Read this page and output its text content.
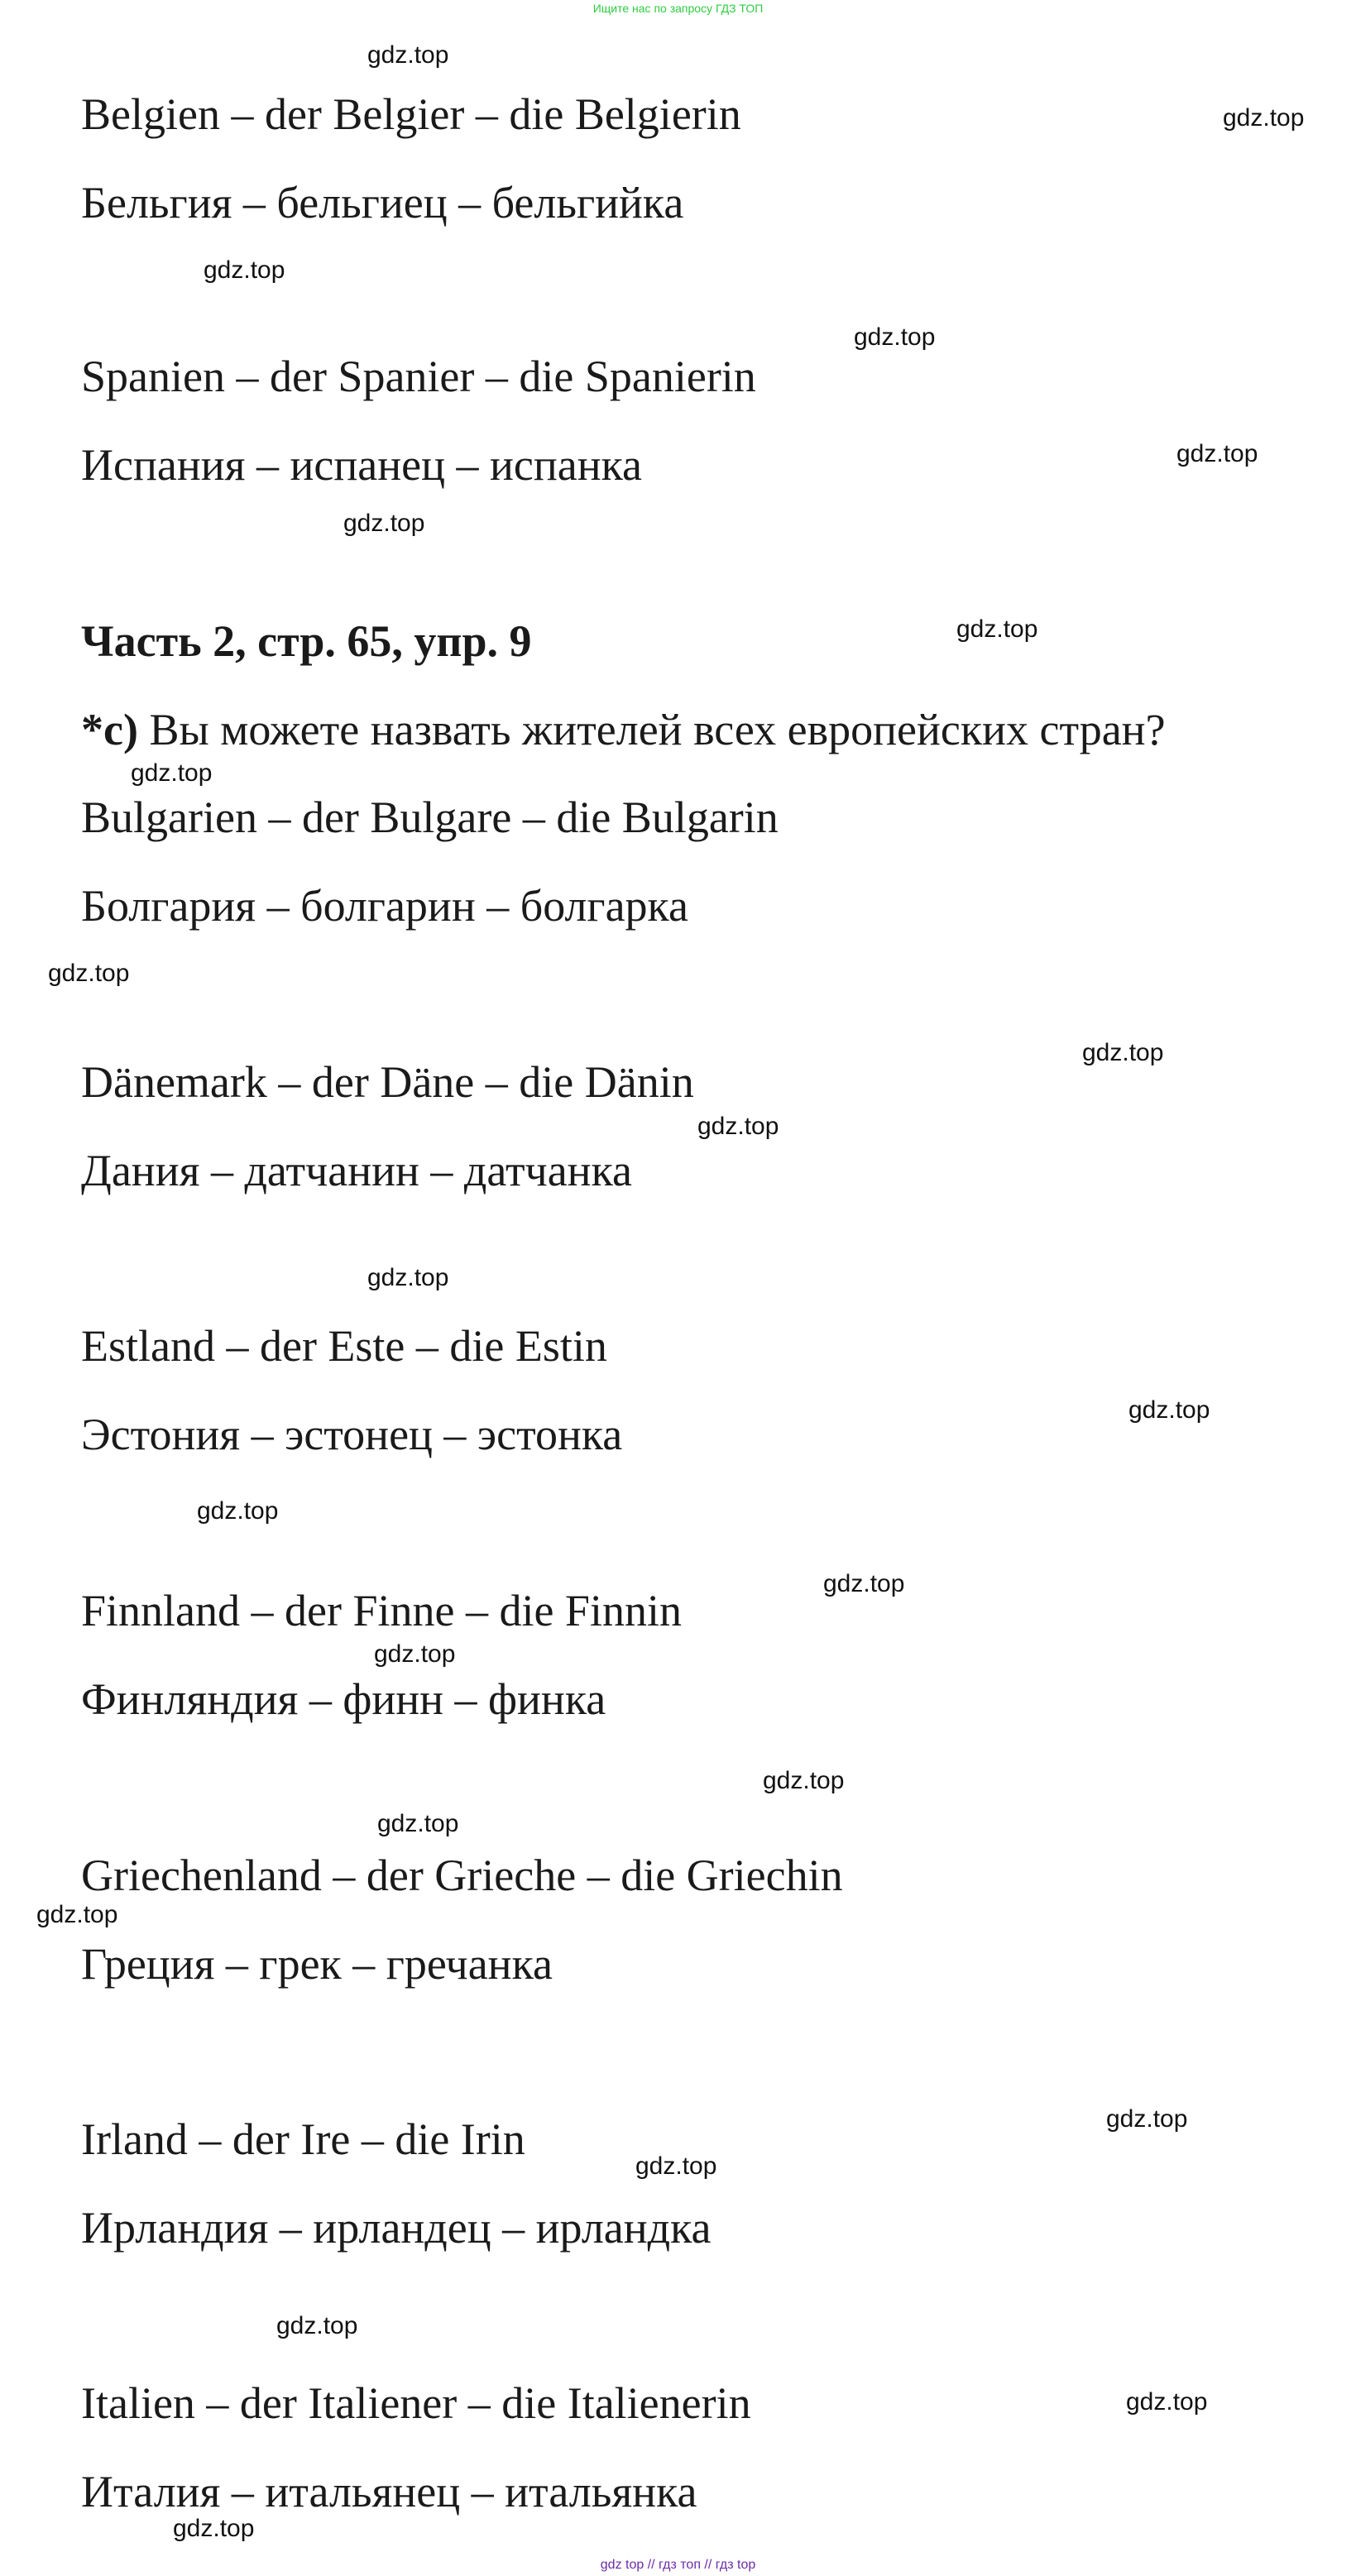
Ищите нас по запросу ГДЗ ТОП
Belgien – der Belgier – die Belgierin
Бельгия – бельгиец – бельгийка
Spanien – der Spanier – die Spanierin
Испания – испанец – испанка
Часть 2, стр. 65, упр. 9
*c) Вы можете назвать жителей всех европейских стран?
Bulgarien – der Bulgare – die Bulgarin
Болгария – болгарин – болгарка
Dänemark – der Däne – die Dänin
Дания – датчанин – датчанка
Estland – der Este – die Estin
Эстония – эстонец – эстонка
Finnland – der Finne – die Finnin
Финляндия – финн – финка
Griechenland – der Grieche – die Griechin
Греция – грек – гречанка
Irland – der Ire – die Irin
Ирландия – ирландец – ирландка
Italien – der Italiener – die Italienerin
Италия – итальянец – итальянка
gdz.top
gdz.top
gdz.top
gdz.top
gdz.top
gdz.top
gdz.top
gdz.top
gdz.top
gdz.top
gdz.top
gdz.top
gdz.top
gdz.top
gdz.top
gdz.top
gdz.top
gdz.top
gdz.top
gdz.top
gdz.top
gdz.top
gdz.top
gdz.top
gdz top // гдз топ // гдз top
